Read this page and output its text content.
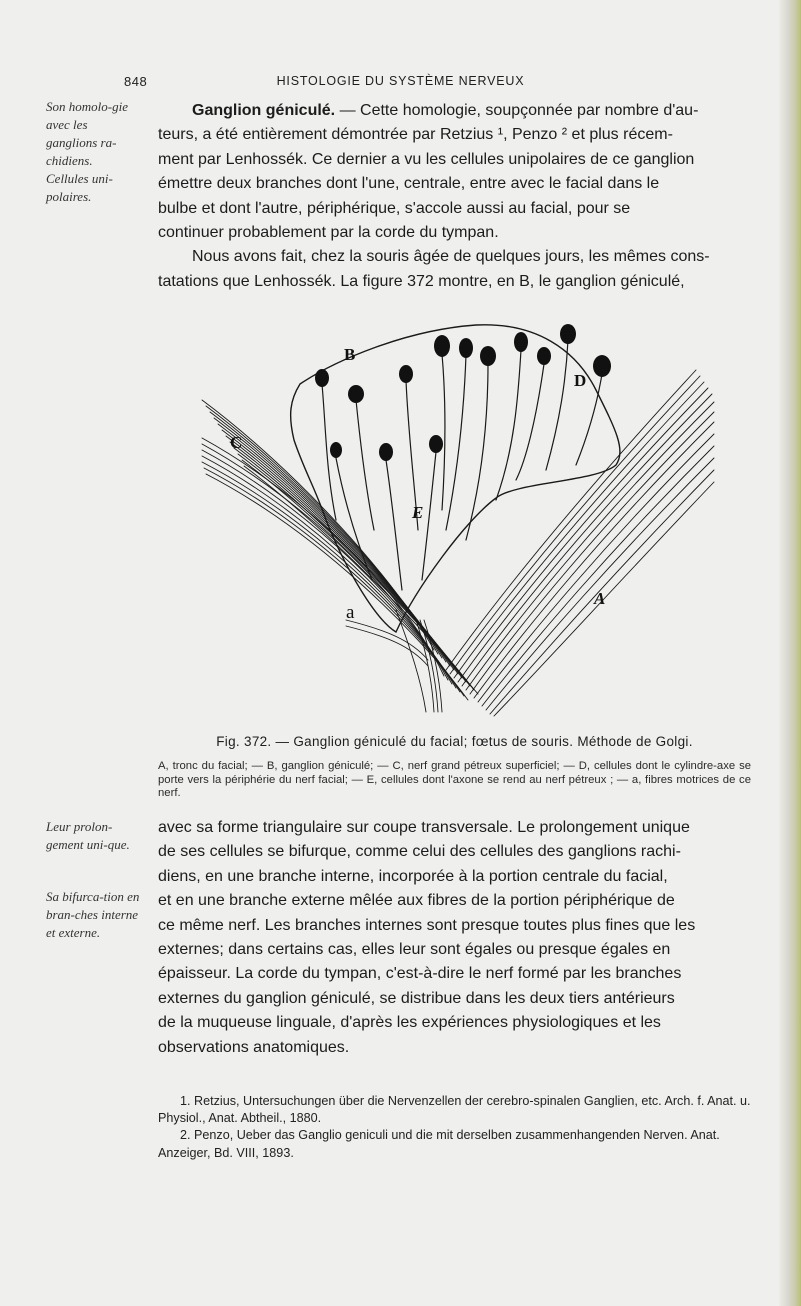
848	HISTOLOGIE DU SYSTÈME NERVEUX
Son homolo-gie avec les ganglions ra-chidiens.
Cellules uni-polaires.
Leur prolon-gement uni-que.
Sa bifurca-tion en bran-ches interne et externe.
Ganglion géniculé. — Cette homologie, soupçonnée par nombre d'au-
teurs, a été entièrement démontrée par Retzius ¹, Penzo ² et plus récem-
ment par Lenhossék. Ce dernier a vu les cellules unipolaires de ce ganglion
émettre deux branches dont l'une, centrale, entre avec le facial dans le
bulbe et dont l'autre, périphérique, s'accole aussi au facial, pour se
continuer probablement par la corde du tympan.
Nous avons fait, chez la souris âgée de quelques jours, les mêmes cons-
tatations que Lenhossék. La figure 372 montre, en B, le ganglion géniculé,
B
D
C
E
a
A
Fig. 372. — Ganglion géniculé du facial; fœtus de souris. Méthode de Golgi.
A, tronc du facial; — B, ganglion géniculé; — C, nerf grand pétreux superficiel; — D, cellules dont le cylindre-axe se porte vers la périphérie du nerf facial; — E, cellules dont l'axone se rend au nerf pétreux ; — a, fibres motrices de ce nerf.
avec sa forme triangulaire sur coupe transversale. Le prolongement unique
de ses cellules se bifurque, comme celui des cellules des ganglions rachi-
diens, en une branche interne, incorporée à la portion centrale du facial,
et en une branche externe mêlée aux fibres de la portion périphérique de
ce même nerf. Les branches internes sont presque toutes plus fines que les
externes; dans certains cas, elles leur sont égales ou presque égales en
épaisseur. La corde du tympan, c'est-à-dire le nerf formé par les branches
externes du ganglion géniculé, se distribue dans les deux tiers antérieurs
de la muqueuse linguale, d'après les expériences physiologiques et les
observations anatomiques.
1. Retzius, Untersuchungen über die Nervenzellen der cerebro-spinalen Ganglien, etc. Arch. f. Anat. u. Physiol., Anat. Abtheil., 1880.
2. Penzo, Ueber das Ganglio geniculi und die mit derselben zusammenhangenden Nerven. Anat. Anzeiger, Bd. VIII, 1893.
